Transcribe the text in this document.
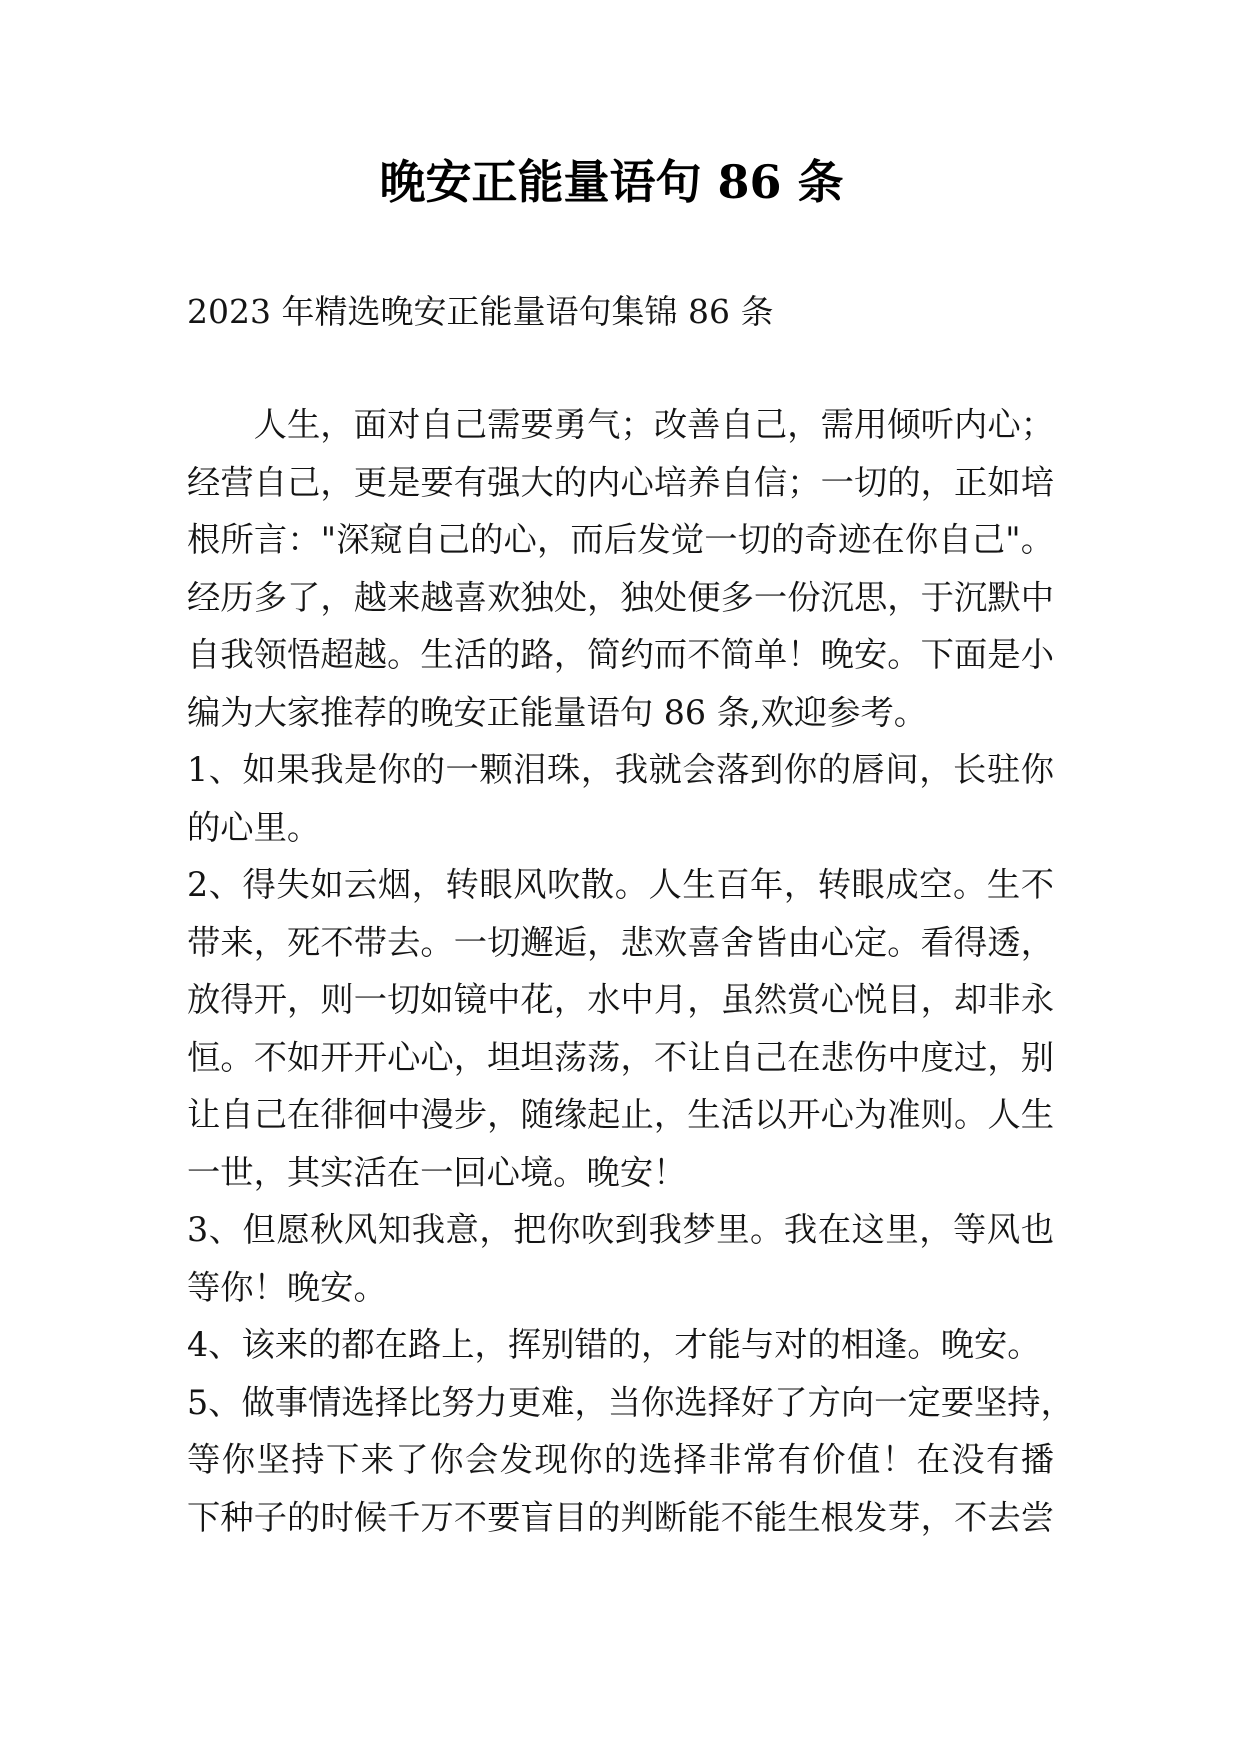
晚安正能量语句 86 条
2023 年精选晚安正能量语句集锦 86 条
人生，面对自己需要勇气；改善自己，需用倾听内心；
经营自己，更是要有强大的内心培养自信；一切的，正如培
根所言："深窥自己的心，而后发觉一切的奇迹在你自己"。
经历多了，越来越喜欢独处，独处便多一份沉思，于沉默中
自我领悟超越。生活的路，简约而不简单！晚安。下面是小
编为大家推荐的晚安正能量语句 86 条,欢迎参考。
1、如果我是你的一颗泪珠，我就会落到你的唇间，长驻你
的心里。
2、得失如云烟，转眼风吹散。人生百年，转眼成空。生不
带来，死不带去。一切邂逅，悲欢喜舍皆由心定。看得透，
放得开，则一切如镜中花，水中月，虽然赏心悦目，却非永
恒。不如开开心心，坦坦荡荡，不让自己在悲伤中度过，别
让自己在徘徊中漫步，随缘起止，生活以开心为准则。人生
一世，其实活在一回心境。晚安！
3、但愿秋风知我意，把你吹到我梦里。我在这里，等风也
等你！晚安。
4、该来的都在路上，挥别错的，才能与对的相逢。晚安。
5、做事情选择比努力更难，当你选择好了方向一定要坚持，
等你坚持下来了你会发现你的选择非常有价值！在没有播
下种子的时候千万不要盲目的判断能不能生根发芽，不去尝
